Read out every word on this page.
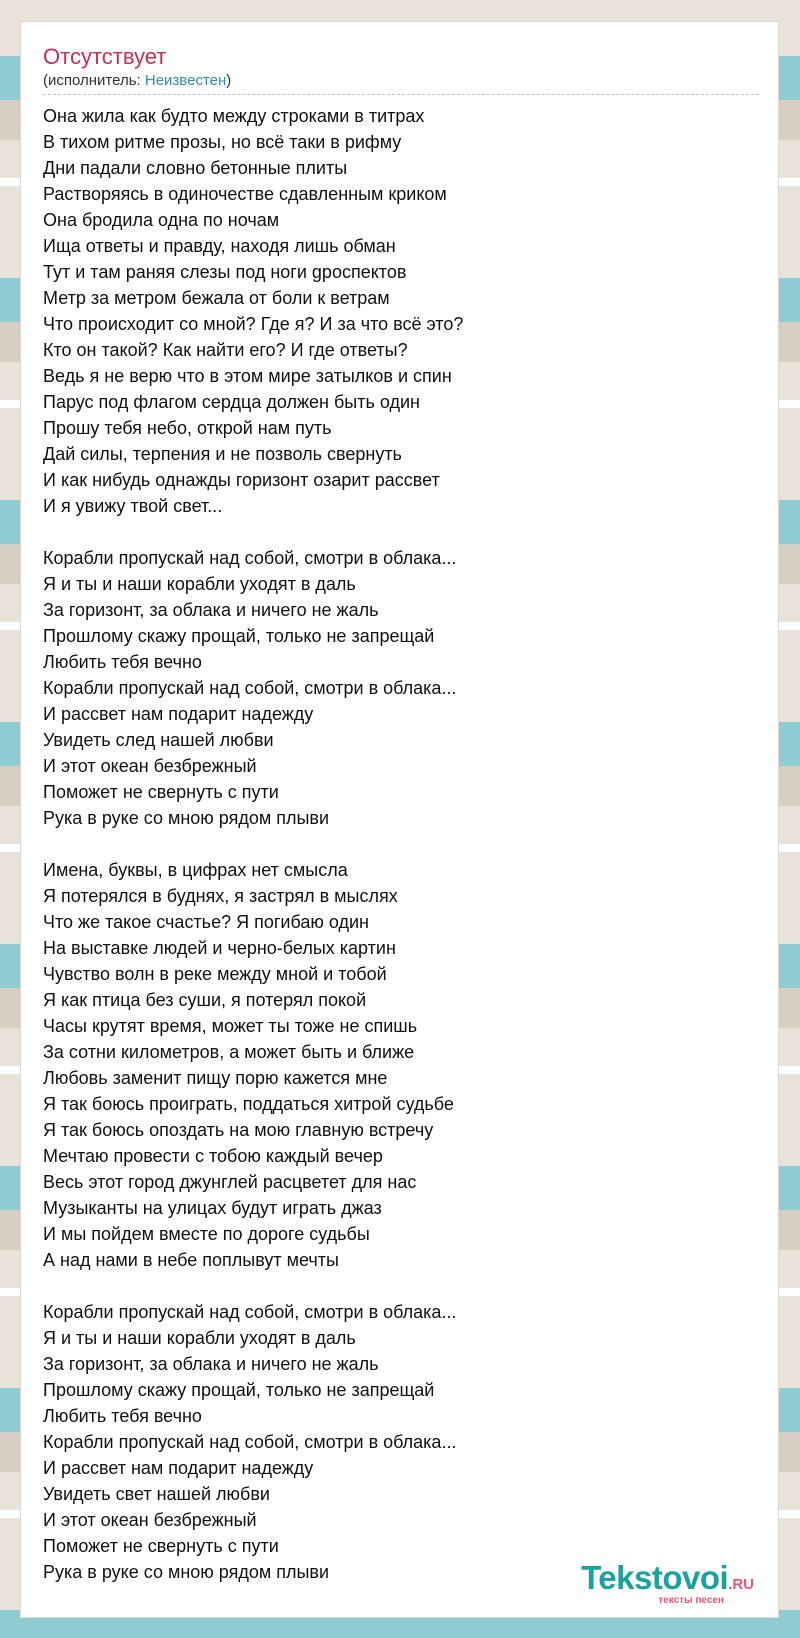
Отсутствует
(исполнитель: Неизвестен)
Она жила как будто между строками в титрах
В тихом ритме прозы, но всё таки в рифму
Дни падали словно бетонные плиты
Растворяясь в одиночестве сдавленным криком
Она бродила одна по ночам
Ища ответы и правду, находя лишь обман
Тут и там раняя слезы под ноги gроспектов
Метр за метром бежала от боли к ветрам
Что происходит со мной? Где я? И за что всё это?
Кто он такой? Как найти его? И где ответы?
Ведь я не верю что в этом мире затылков и спин
Парус под флагом сердца должен быть один
Прошу тебя небо, открой нам путь
Дай силы, терпения и не позволь свернуть
И как нибудь однажды горизонт озарит рассвет
И я увижу твой свет...
Корабли пропускай над собой, смотри в облака...
Я и ты и наши корабли уходят в даль
За горизонт, за облака и ничего не жаль
Прошлому скажу прощай, только не запрещай
Любить тебя вечно
Корабли пропускай над собой, смотри в облака...
И рассвет нам подарит надежду
Увидеть след нашей любви
И этот океан безбрежный
Поможет не свернуть с пути
Рука в руке со мною рядом плыви
Имена, буквы, в цифрах нет смысла
Я потерялся в буднях, я застрял в мыслях
Что же такое счастье? Я погибаю один
На выставке людей и черно-белых картин
Чувство волн в реке между мной и тобой
Я как птица без суши, я потерял покой
Часы крутят время, может ты тоже не спишь
За сотни километров, а может быть и ближе
Любовь заменит пищу порю кажется мне
Я так боюсь проиграть, поддаться хитрой судьбе
Я так боюсь опоздать на мою главную встречу
Мечтаю провести с тобою каждый вечер
Весь этот город джунглей расцветет для нас
Музыканты на улицах будут играть джаз
И мы пойдем вместе по дороге судьбы
А над нами в небе поплывут мечты
Корабли пропускай над собой, смотри в облака...
Я и ты и наши корабли уходят в даль
За горизонт, за облака и ничего не жаль
Прошлому скажу прощай, только не запрещай
Любить тебя вечно
Корабли пропускай над собой, смотри в облака...
И рассвет нам подарит надежду
Увидеть свет нашей любви
И этот океан безбрежный
Поможет не свернуть с пути
Рука в руке со мною рядом плыви	Tekstovoi.RU
тексты песен
